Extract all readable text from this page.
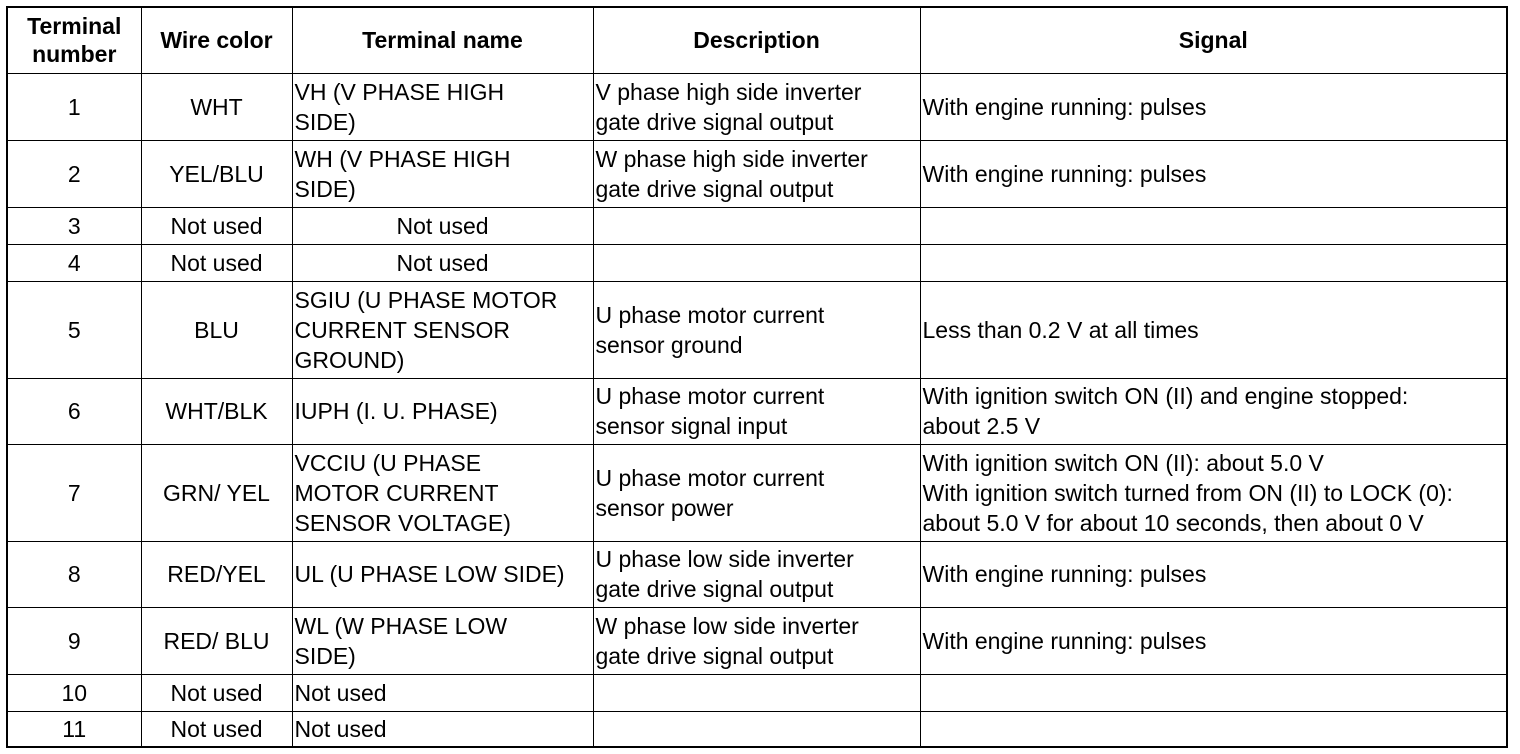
Terminal
number	Wire color	Terminal name	Description	Signal

1	WHT	VH (V PHASE HIGH
SIDE)	V phase high side inverter
gate drive signal output	With engine running: pulses

2	YEL/BLU	WH (V PHASE HIGH
SIDE)	W phase high side inverter
gate drive signal output	With engine running: pulses

3	Not used	Not used		

4	Not used	Not used		

5	BLU	SGIU (U PHASE MOTOR
CURRENT SENSOR
GROUND)	U phase motor current
sensor ground	Less than 0.2 V at all times

6	WHT/BLK	IUPH (I. U. PHASE)	U phase motor current
sensor signal input	With ignition switch ON (II) and engine stopped:
about 2.5 V

7	GRN/ YEL	VCCIU (U PHASE
MOTOR CURRENT
SENSOR VOLTAGE)	U phase motor current
sensor power	With ignition switch ON (II): about 5.0 V
With ignition switch turned from ON (II) to LOCK (0):
about 5.0 V for about 10 seconds, then about 0 V

8	RED/YEL	UL (U PHASE LOW SIDE)	U phase low side inverter
gate drive signal output	With engine running: pulses

9	RED/ BLU	WL (W PHASE LOW
SIDE)	W phase low side inverter
gate drive signal output	With engine running: pulses

10	Not used	Not used		

11	Not used	Not used		
